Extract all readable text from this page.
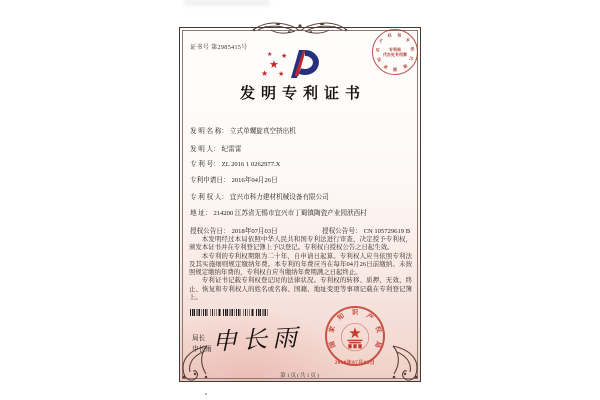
证书号 第2985415号
国
家
知
识
产
权 局
专
利
代
理
专利局
代办处专用章
★
★ ★
★
★
发明专利证书
发 明 名 称： 立式单螺旋真空挤出机
发 明 人： 纪雷雷
专 利 号： ZL 2016 1 0262977.X
专利申请日： 2016年04月26日
专 利 权 人： 宜兴市科力建材机械设备有限公司
地 址： 214200 江苏省无锡市宜兴市丁蜀镇陶瓷产业园洑西村
授权公告日： 2018年07月03日	授权公告号： CN 105729619 B

本发明经过本局依照中华人民共和国专利法进行审查，决定授予专利权，颁发本证书并在专利登记簿上予以登记。专利权自授权公告之日起生效。

本专利的专利权期限为二十年，自申请日起算。专利权人应当依照专利法及其实施细则规定缴纳年费。本专利的年费应当在每年04月26日前缴纳。未按照规定缴纳年费的，专利权自应当缴纳年费期满之日起终止。

专利证书记载专利权登记时的法律状况。专利权的转移、质押、无效、终止、恢复和专利权人的姓名或名称、国籍、地址变更等事项记载在专利登记簿上。

局长
申长雨 申长雨	国
家
知 识 产
权
局
2018年07月03日
第1页(共1页)
